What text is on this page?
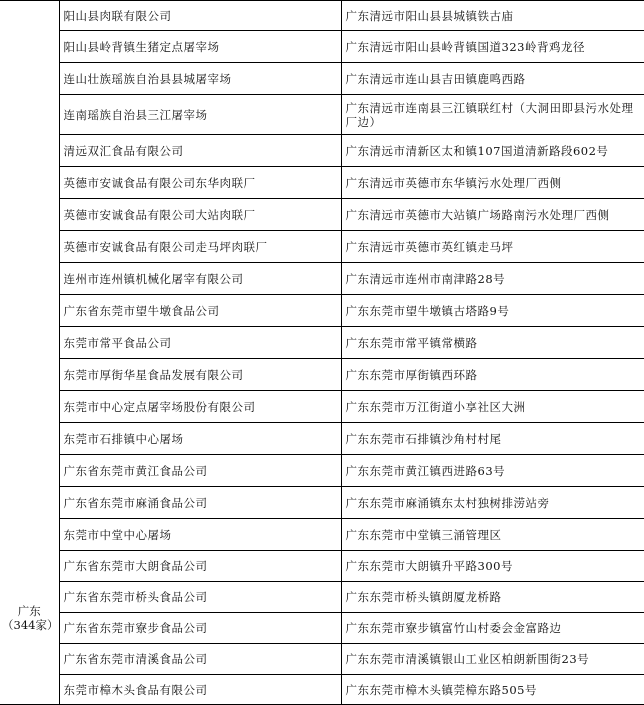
广东（344家）	阳山县肉联有限公司	广东清远市阳山县县城镇铁古庙
	阳山县岭背镇生猪定点屠宰场	广东清远市阳山县岭背镇国道323岭背鸡龙径
	连山壮族瑶族自治县县城屠宰场	广东清远市连山县吉田镇鹿鸣西路
	连南瑶族自治县三江屠宰场	广东清远市连南县三江镇联红村（大洞田即县污水处理厂边）
	清远双汇食品有限公司	广东清远市清新区太和镇107国道清新路段602号
	英德市安诚食品有限公司东华肉联厂	广东清远市英德市东华镇污水处理厂西侧
	英德市安诚食品有限公司大站肉联厂	广东清远市英德市大站镇广场路南污水处理厂西侧
	英德市安诚食品有限公司走马坪肉联厂	广东清远市英德市英红镇走马坪
	连州市连州镇机械化屠宰有限公司	广东清远市连州市南津路28号
	广东省东莞市望牛墩食品公司	广东东莞市望牛墩镇古塔路9号
	东莞市常平食品公司	广东东莞市常平镇常横路
	东莞市厚街华星食品发展有限公司	广东东莞市厚街镇西环路
	东莞市中心定点屠宰场股份有限公司	广东东莞市万江街道小享社区大洲
	东莞市石排镇中心屠场	广东东莞市石排镇沙角村村尾
	广东省东莞市黄江食品公司	广东东莞市黄江镇西进路63号
	广东省东莞市麻涌食品公司	广东东莞市麻涌镇东太村独树排涝站旁
	东莞市中堂中心屠场	广东东莞市中堂镇三涌管理区
	广东省东莞市大朗食品公司	广东东莞市大朗镇升平路300号
	广东省东莞市桥头食品公司	广东东莞市桥头镇朗厦龙桥路
	广东省东莞市寮步食品公司	广东东莞市寮步镇富竹山村委会金富路边
	广东省东莞市清溪食品公司	广东东莞市清溪镇银山工业区柏朗新围街23号
	东莞市樟木头食品有限公司	广东东莞市樟木头镇莞樟东路505号
